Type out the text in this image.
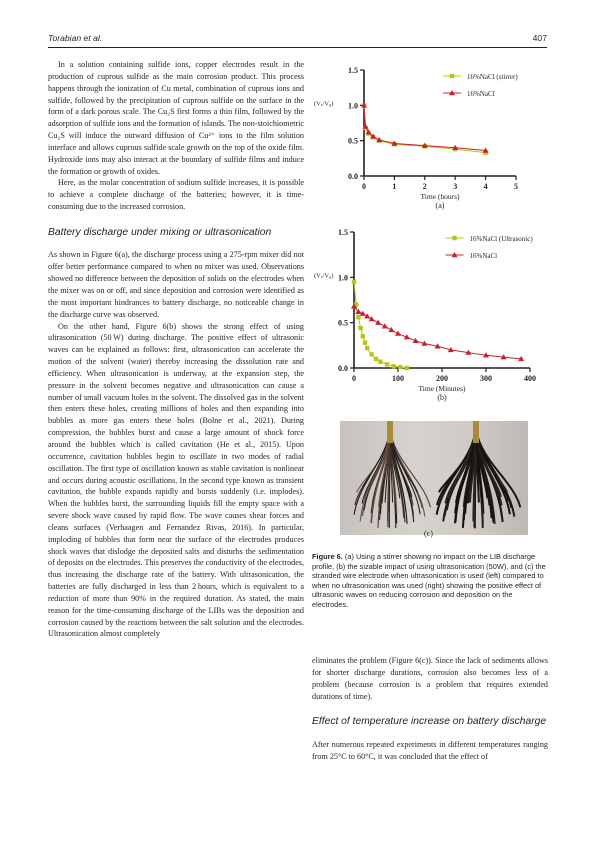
Torabian et al.	407

In a solution containing sulfide ions, copper electrodes result in the production of cuprous sulfide as the main corrosion product. This process happens through the ionization of Cu metal, combination of cuprous ions and sulfide, followed by the precipitation of cuprous sulfide on the surface in the form of a dark porous scale. The Cu₂S first forms a thin film, followed by the adsorption of sulfide ions and the formation of islands. The non-stoichiometric Cu₂S will induce the outward diffusion of Cu²⁺ ions to the film solution interface and allows cuprous sulfide scale growth on the top of the oxide film. Hydroxide ions may also interact at the boundary of sulfide films and induce the formation or growth of oxides.

Here, as the molar concentration of sodium sulfide increases, it is possible to achieve a complete discharge of the batteries; however, it is time-consuming due to the increased corrosion.

Battery discharge under mixing or ultrasonication

As shown in Figure 6(a), the discharge process using a 275-rpm mixer did not offer better performance compared to when no mixer was used. Observations showed no difference between the deposition of solids on the electrodes when the mixer was on or off, and since deposition and corrosion were identified as the most important hindrances to battery discharge, no noticeable change in the discharge curve was observed.

On the other hand, Figure 6(b) shows the strong effect of using ultrasonication (50 W) during discharge. The positive effect of ultrasonic waves can be explained as follows: first, ultrasonication can accelerate the motion of the solvent (water) thereby increasing the dissolution rate and efficiency. When ultrasonication is underway, at the expansion step, the pressure in the solvent becomes negative and ultrasonication can cause a number of small vacuum holes in the solvent. The dissolved gas in the solvent then enters these holes, creating millions of holes and then expanding into bubbles as more gas enters these holes (Bolne et al., 2021). During compression, the bubbles burst and cause a large amount of shock force around the bubbles which is called cavitation (He et al., 2015). Upon occurrence, cavitation bubbles begin to oscillate in two modes of radial oscillation. The first type of oscillation known as stable cavitation is nonlinear and occurs during acoustic oscillations. In the second type known as transient cavitation, the bubble expands rapidly and bursts suddenly (i.e. implodes). When the bubbles burst, the surrounding liquids fill the empty space with a severe shock wave caused by rapid flow. The wave causes shear forces and cleans surfaces (Verhaagen and Fernandez Rivas, 2016). In particular, imploding of bubbles that form near the surface of the electrodes produces shock waves that dislodge the deposited salts and disturbs the sedimentation of deposits on the electrodes. This preserves the conductivity of the electrodes, thus increasing the discharge rate of the battery. With ultrasonication, the batteries are fully discharged in less than 2 hours, which is equivalent to a reduction of more than 90% in the required duration. As stated, the main reason for the time-consuming discharge of the LIBs was the deposition and corrosion caused by the reactions between the salt solution and the electrodes. Ultrasonication almost completely

0.0
0.5
1.0
1.5
0	1	2	3	4	5
Time (hours)
(a)
(Vₑ/V₀)
16%NaCl (stirrer)
16%NaCl
0.0
0.5
1.0
1.5
0	100	200	300	400
Time (Minutes)
(b)
(Vₑ/V₀)
16%NaCl (Ultrasonic)
16%NaCl
(c)
Figure 6. (a) Using a stirrer showing no impact on the LIB discharge profile, (b) the sizable impact of using ultrasonication (50W), and (c) the stranded wire electrode when ultrasonication is used (left) compared to when no ultrasonication was used (right) showing the positive effect of ultrasonic waves on reducing corrosion and deposition on the electrodes.

eliminates the problem (Figure 6(c)). Since the lack of sediments allows for shorter discharge durations, corrosion also becomes less of a problem (because corrosion is a problem that requires extended durations of time).

Effect of temperature increase on battery discharge

After numerous repeated experiments in different temperatures ranging from 25°C to 60°C, it was concluded that the effect of
